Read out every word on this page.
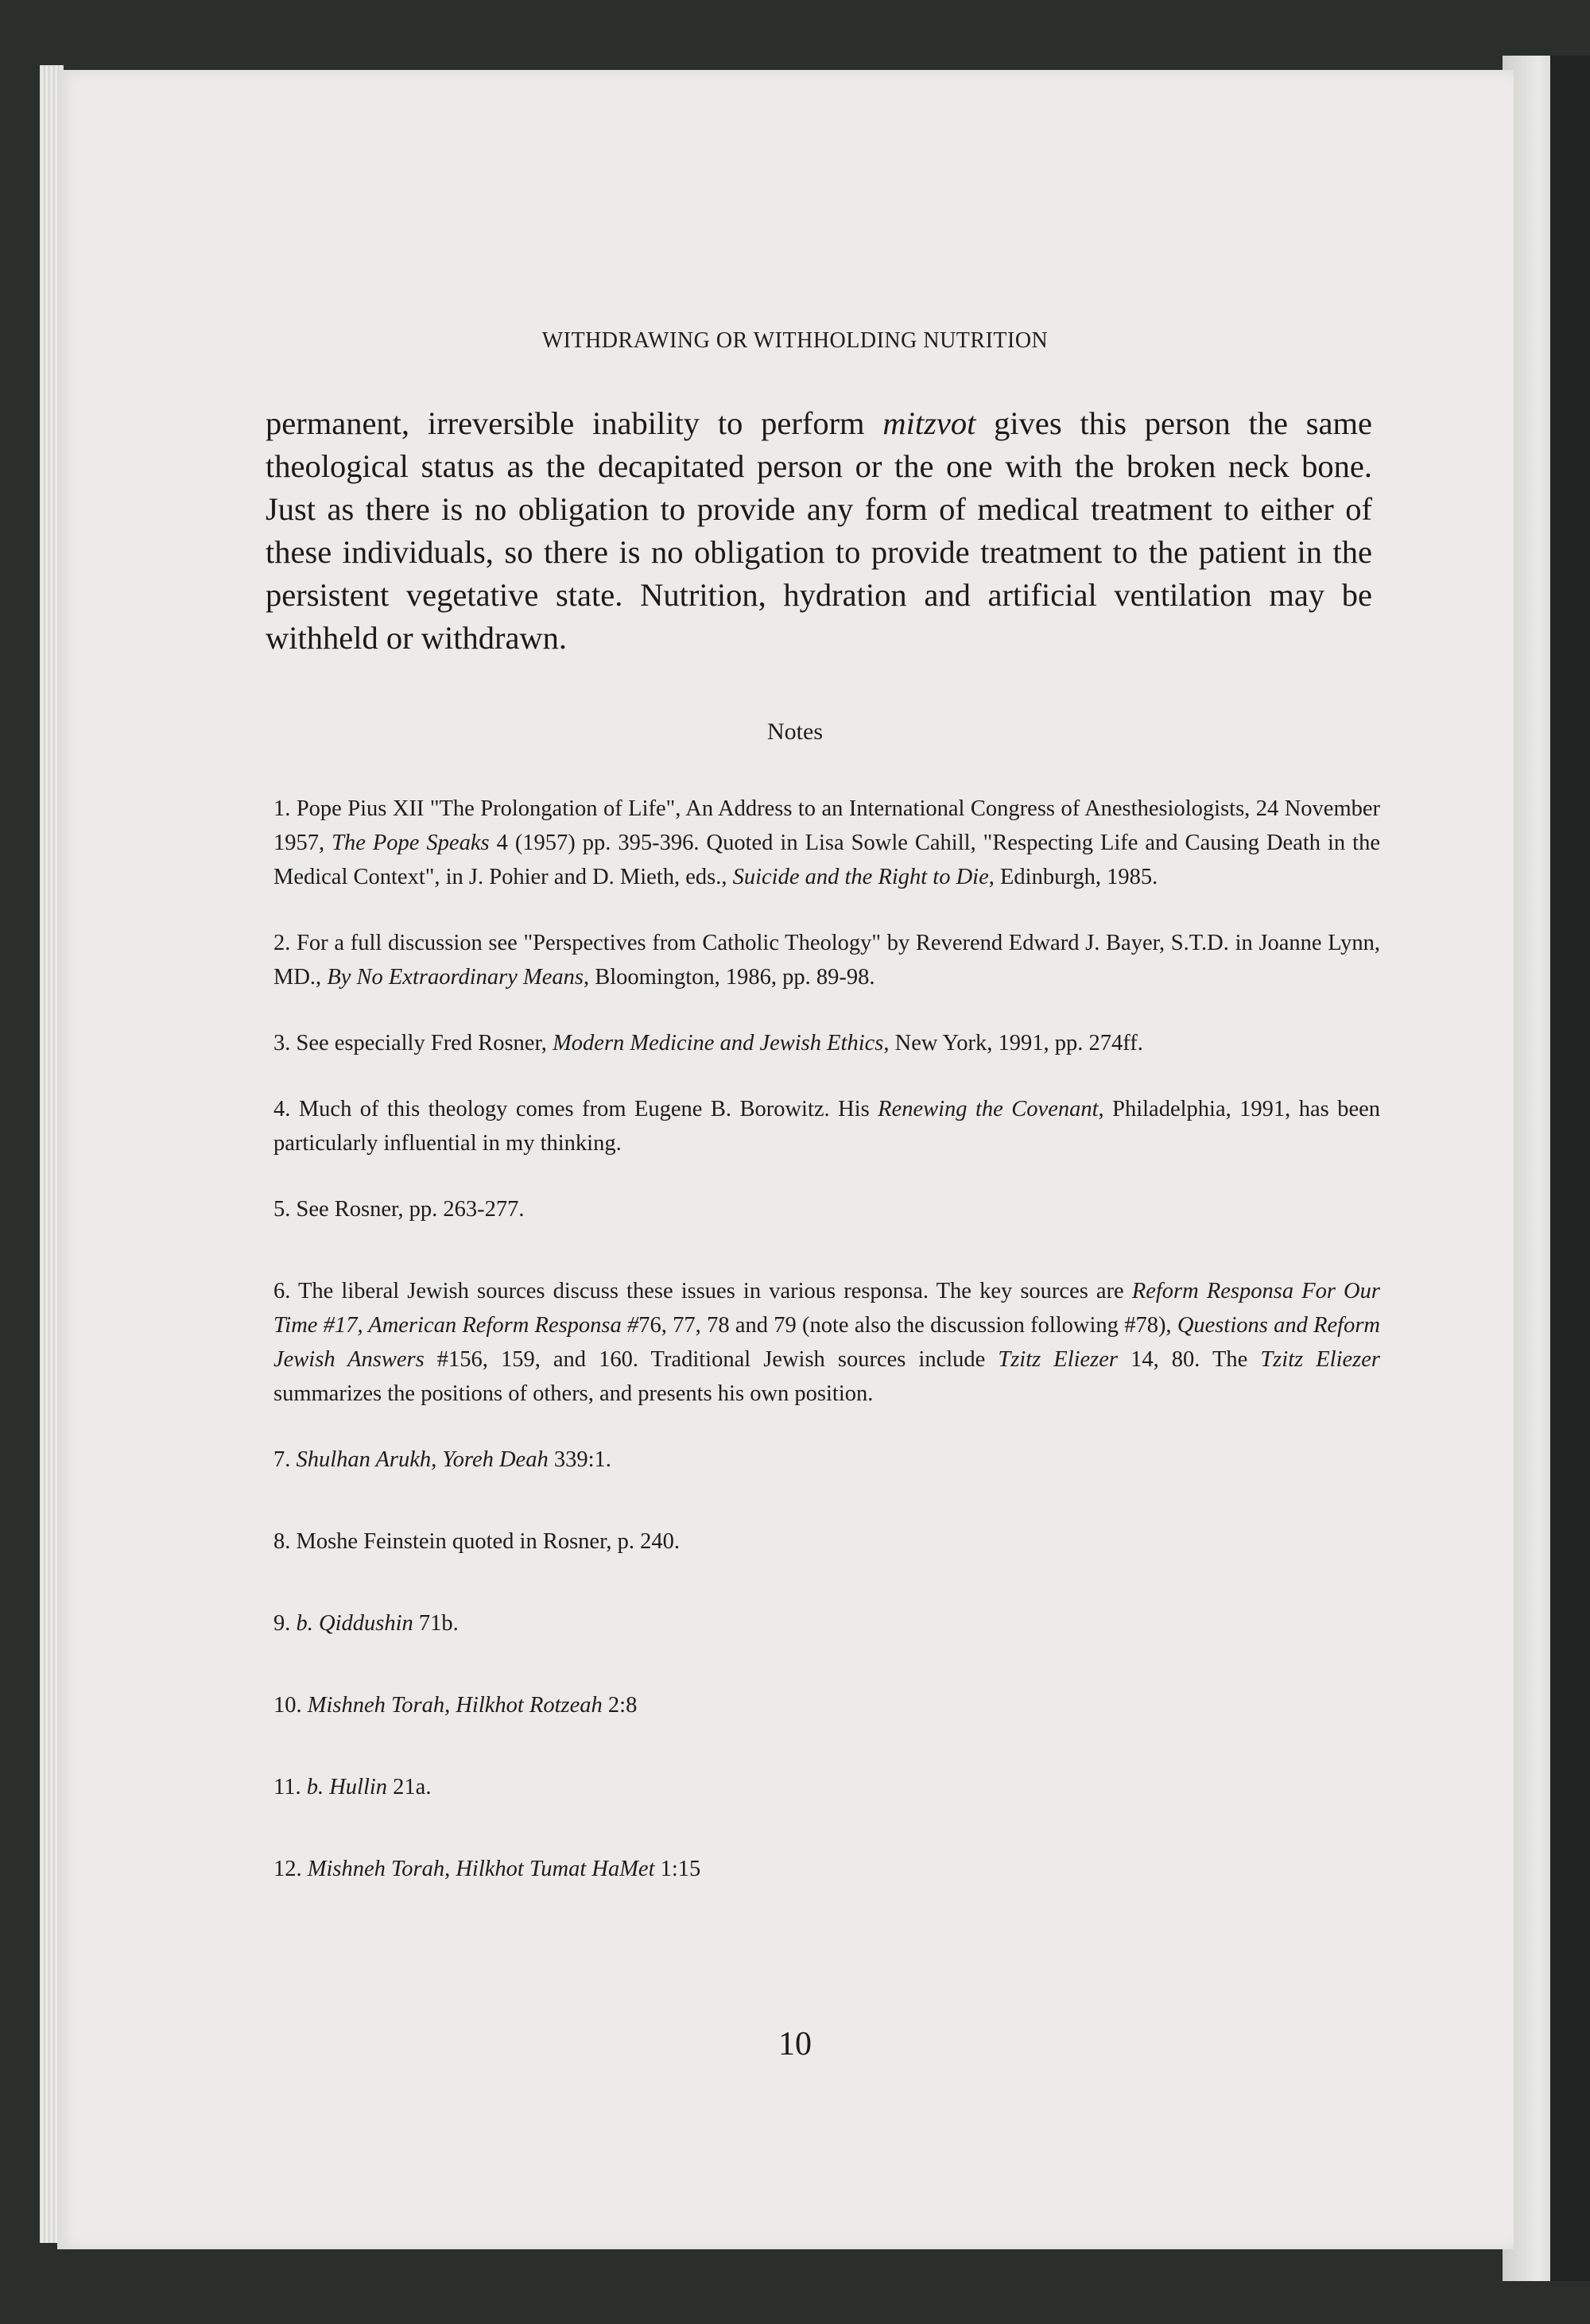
WITHDRAWING OR WITHHOLDING NUTRITION

permanent, irreversible inability to perform mitzvot gives this person the same theological status as the decapitated person or the one with the broken neck bone. Just as there is no obligation to provide any form of medical treatment to either of these individuals, so there is no obligation to provide treatment to the patient in the persistent vegetative state. Nutrition, hydration and artificial ventilation may be withheld or withdrawn.

Notes

1. Pope Pius XII "The Prolongation of Life", An Address to an International Congress of Anesthesiologists, 24 November 1957, The Pope Speaks 4 (1957) pp. 395-396. Quoted in Lisa Sowle Cahill, "Respecting Life and Causing Death in the Medical Context", in J. Pohier and D. Mieth, eds., Suicide and the Right to Die, Edinburgh, 1985.

2. For a full discussion see "Perspectives from Catholic Theology" by Reverend Edward J. Bayer, S.T.D. in Joanne Lynn, MD., By No Extraordinary Means, Bloomington, 1986, pp. 89-98.

3. See especially Fred Rosner, Modern Medicine and Jewish Ethics, New York, 1991, pp. 274ff.

4. Much of this theology comes from Eugene B. Borowitz. His Renewing the Covenant, Philadelphia, 1991, has been particularly influential in my thinking.

5. See Rosner, pp. 263-277.

6. The liberal Jewish sources discuss these issues in various responsa. The key sources are Reform Responsa For Our Time #17, American Reform Responsa #76, 77, 78 and 79 (note also the discussion following #78), Questions and Reform Jewish Answers #156, 159, and 160. Traditional Jewish sources include Tzitz Eliezer 14, 80. The Tzitz Eliezer summarizes the positions of others, and presents his own position.

7. Shulhan Arukh, Yoreh Deah 339:1.

8. Moshe Feinstein quoted in Rosner, p. 240.

9. b. Qiddushin 71b.

10. Mishneh Torah, Hilkhot Rotzeah 2:8

11. b. Hullin 21a.

12. Mishneh Torah, Hilkhot Tumat HaMet 1:15

10
